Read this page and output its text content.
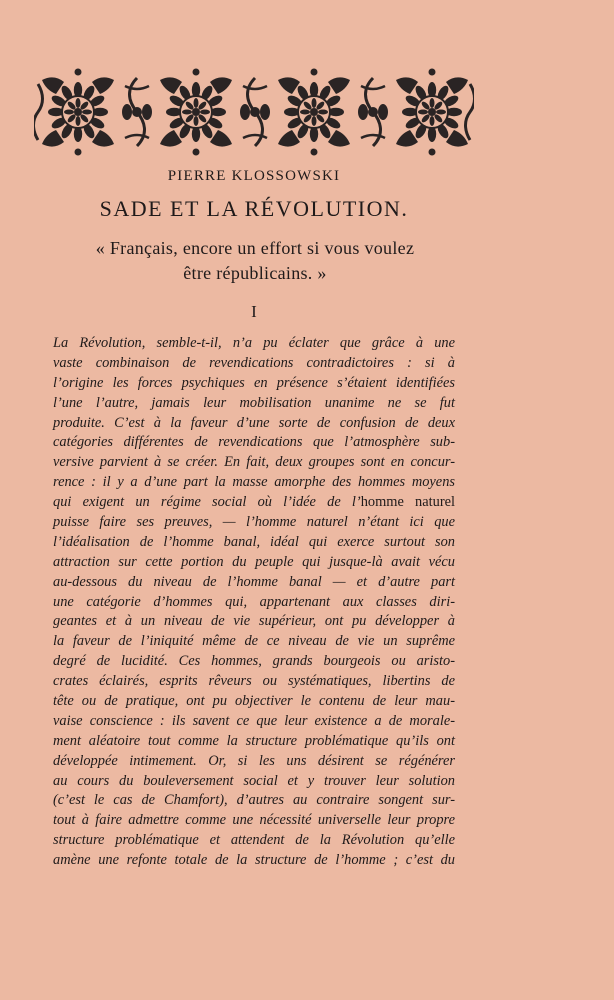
PIERRE KLOSSOWSKI
SADE ET LA RÉVOLUTION.
« Français, encore un effort si vous voulez
être républicains. »
I
La Révolution, semble-t-il, n’a pu éclater que grâce à une
vaste combinaison de revendications contradictoires : si à
l’origine les forces psychiques en présence s’étaient identifiées
l’une l’autre, jamais leur mobilisation unanime ne se fut
produite. C’est à la faveur d’une sorte de confusion de deux
catégories différentes de revendications que l’atmosphère sub-
versive parvient à se créer. En fait, deux groupes sont en concur-
rence : il y a d’une part la masse amorphe des hommes moyens
qui exigent un régime social où l’idée de l’homme naturel
puisse faire ses preuves, — l’homme naturel n’étant ici que
l’idéalisation de l’homme banal, idéal qui exerce surtout son
attraction sur cette portion du peuple qui jusque-là avait vécu
au-dessous du niveau de l’homme banal — et d’autre part
une catégorie d’hommes qui, appartenant aux classes diri-
geantes et à un niveau de vie supérieur, ont pu développer à
la faveur de l’iniquité même de ce niveau de vie un suprême
degré de lucidité. Ces hommes, grands bourgeois ou aristo-
crates éclairés, esprits rêveurs ou systématiques, libertins de
tête ou de pratique, ont pu objectiver le contenu de leur mau-
vaise conscience : ils savent ce que leur existence a de morale-
ment aléatoire tout comme la structure problématique qu’ils ont
développée intimement. Or, si les uns désirent se régénérer
au cours du bouleversement social et y trouver leur solution
(c’est le cas de Chamfort), d’autres au contraire songent sur-
tout à faire admettre comme une nécessité universelle leur propre
structure problématique et attendent de la Révolution qu’elle
amène une refonte totale de la structure de l’homme ; c’est du
